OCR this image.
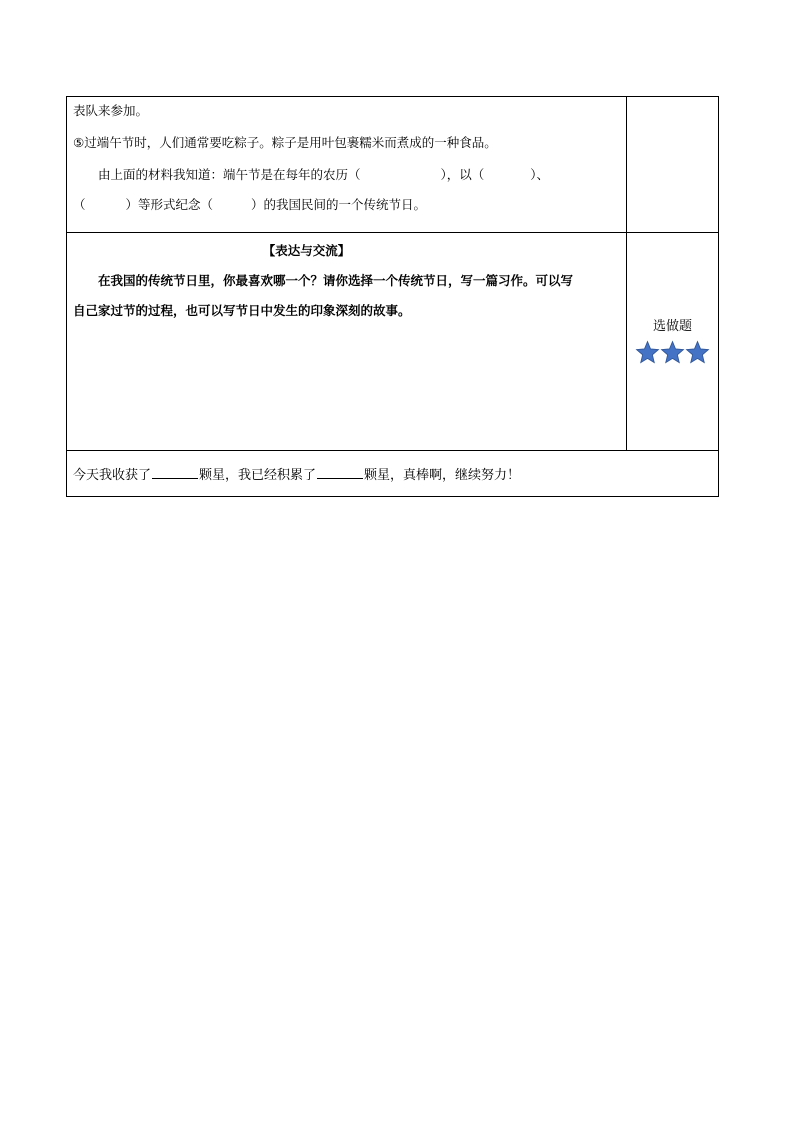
表队来参加。
⑤过端午节时，人们通常要吃粽子。粽子是用叶包裹糯米而煮成的一种食品。
由上面的材料我知道：端午节是在每年的农历（ ），以（ ）、
（ ）等形式纪念（ ）的我国民间的一个传统节日。	

【表达与交流】
在我国的传统节日里，你最喜欢哪一个？请你选择一个传统节日，写一篇习作。可以写
自己家过节的过程，也可以写节日中发生的印象深刻的故事。	选做题

今天我收获了 颗星，我已经积累了 颗星，真棒啊，继续努力！	
